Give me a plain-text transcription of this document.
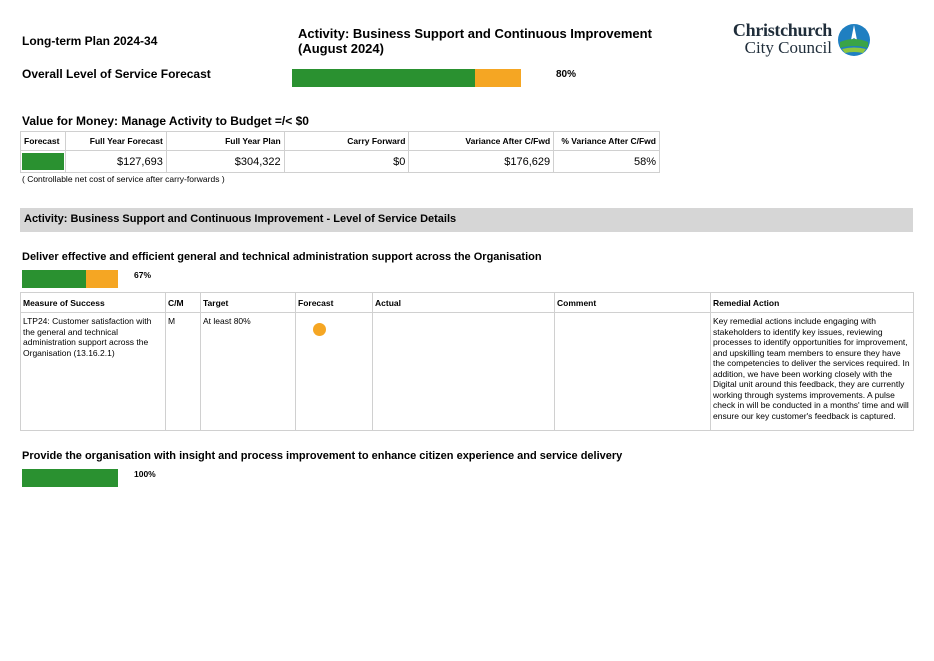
Long-term Plan 2024-34	Activity: Business Support and Continuous Improvement (August 2024)
Christchurch
City Council
Overall Level of Service Forecast	80%
Value for Money: Manage Activity to Budget =/< $0
Forecast	Full Year Forecast	Full Year Plan	Carry Forward	Variance After C/Fwd	% Variance After C/Fwd

	$127,693	$304,322	$0	$176,629	58%
( Controllable net cost of service after carry-forwards )
Activity: Business Support and Continuous Improvement - Level of Service Details
Deliver effective and efficient general and technical administration support across the Organisation
67%
Measure of Success	C/M	Target	Forecast	Actual	Comment	Remedial Action
LTP24: Customer satisfaction with the general and technical administration support across the Organisation (13.16.2.1)	M	At least 80%				Key remedial actions include engaging with stakeholders to identify key issues, reviewing processes to identify opportunities for improvement, and upskilling team members to ensure they have the competencies to deliver the services required. In addition, we have been working closely with the Digital unit around this feedback, they are currently working through systems improvements. A pulse check in will be conducted in a months' time and will ensure our key customer's feedback is captured.
Provide the organisation with insight and process improvement to enhance citizen experience and service delivery
100%
